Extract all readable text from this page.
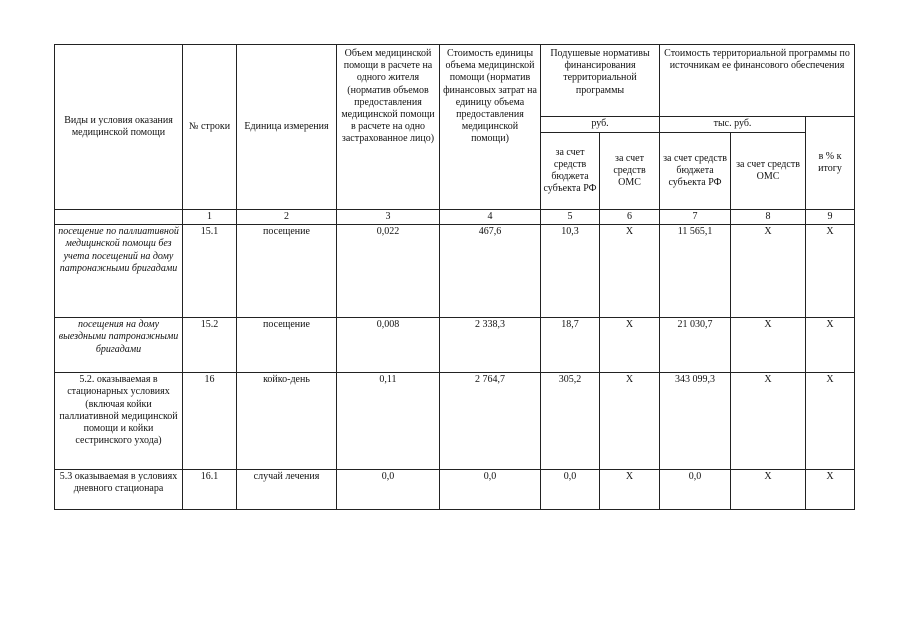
Виды и условия оказания медицинской помощи	№ строки	Единица измерения	Объем медицинской помощи в расчете на одного жителя (норматив объемов предоставления медицинской помощи в расчете на одно застрахованное лицо)	Стоимость единицы объема медицинской помощи (норматив финансовых затрат на единицу объема предоставления медицинской помощи)	Подушевые нормативы финансирования территориальной программы		Стоимость территориальной программы по источникам ее финансового обеспечения		
					руб.		тыс. руб.		в % к итогу
					за счет средств бюджета субъекта РФ	за счет средств ОМС	за счет средств бюджета субъекта РФ	за счет средств ОМС	
	1	2	3	4	5	6	7	8	9
посещение по паллиативной медицинской помощи без учета посещений на дому патронажными бригадами	15.1	посещение	0,022	467,6	10,3	X	11 565,1	X	X
посещения на дому выездными патронажными бригадами	15.2	посещение	0,008	2 338,3	18,7	X	21 030,7	X	X
5.2. оказываемая в стационарных условиях (включая койки паллиативной медицинской помощи и койки сестринского ухода)	16	койко-день	0,11	2 764,7	305,2	X	343 099,3	X	X
5.3 оказываемая в условиях дневного стационара	16.1	случай лечения	0,0	0,0	0,0	X	0,0	X	X
